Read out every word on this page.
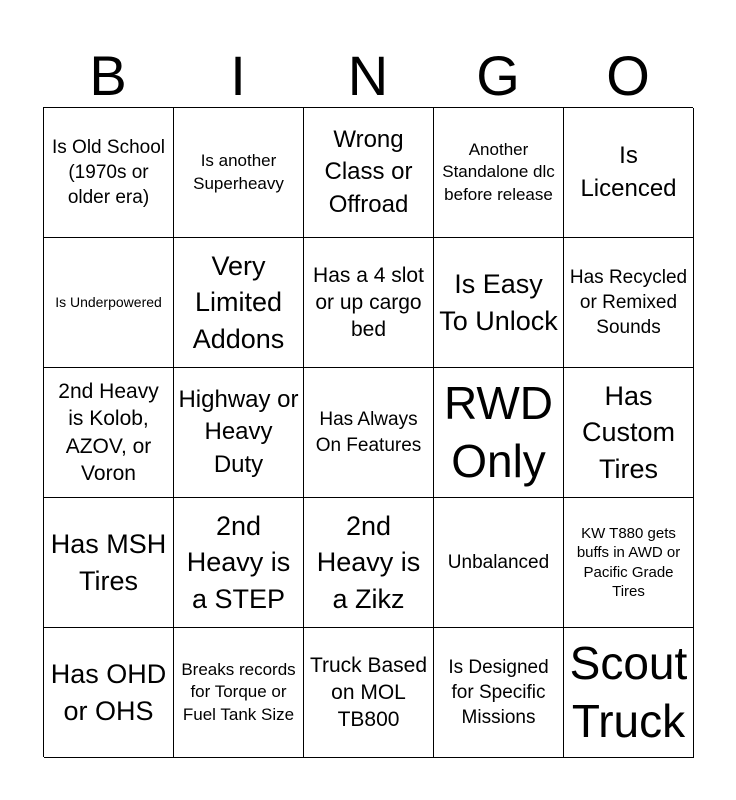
B	I	N	G	O
Is Old School (1970s or older era)
Is another Superheavy
Wrong Class or Offroad
Another Standalone dlc before release
Is Licenced
Is Underpowered
Very Limited Addons
Has a 4 slot or up cargo bed
Is Easy To Unlock
Has Recycled or Remixed Sounds
2nd Heavy is Kolob, AZOV, or Voron
Highway or Heavy Duty
Has Always On Features
RWD Only
Has Custom Tires
Has MSH Tires
2nd Heavy is a STEP
2nd Heavy is a Zikz
Unbalanced
KW T880 gets buffs in AWD or Pacific Grade Tires
Has OHD or OHS
Breaks records for Torque or Fuel Tank Size
Truck Based on MOL TB800
Is Designed for Specific Missions
Scout Truck
